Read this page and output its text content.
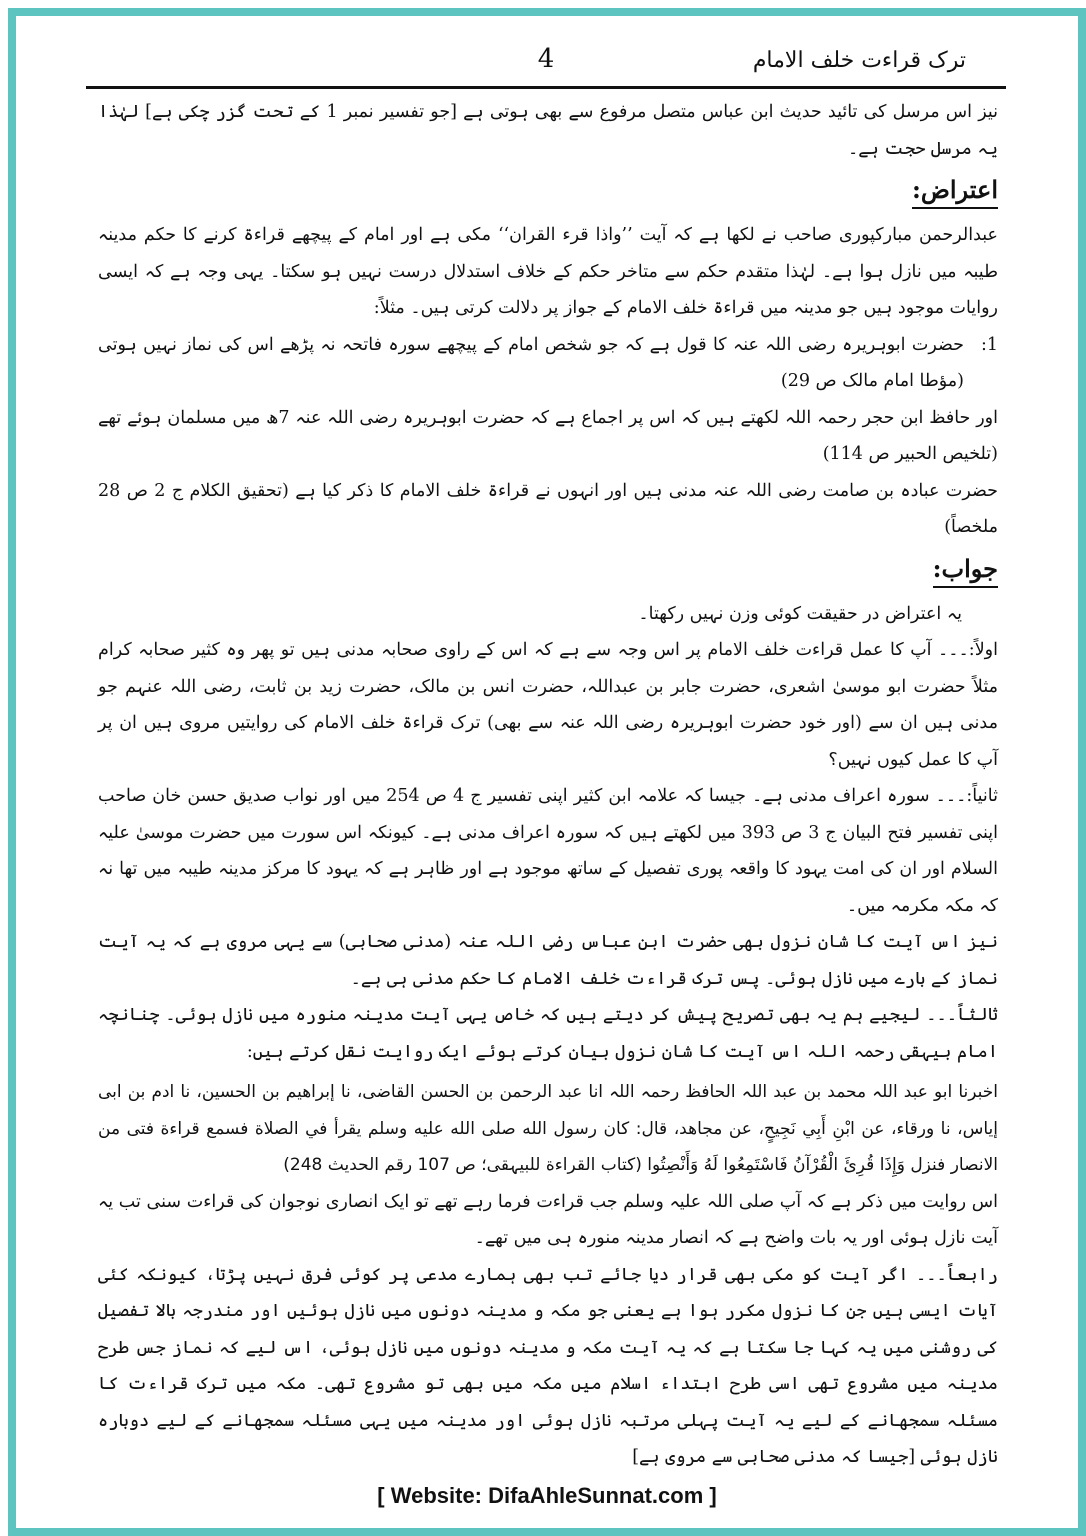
4	ترک قراءت خلف الامام

نیز اس مرسل کی تائید حدیث ابن عباس متصل مرفوع سے بھی ہوتی ہے [جو تفسیر نمبر 1 کے تحت گزر چکی ہے] لہٰذا یہ مرسل حجت ہے۔

اعتراض:

عبدالرحمن مبارکپوری صاحب نے لکھا ہے کہ آیت ’’واذا قرء القران‘‘ مکی ہے اور امام کے پیچھے قراءۃ کرنے کا حکم مدینہ طیبہ میں نازل ہوا ہے۔ لہٰذا متقدم حکم سے متاخر حکم کے خلاف استدلال درست نہیں ہو سکتا۔ یہی وجہ ہے کہ ایسی روایات موجود ہیں جو مدینہ میں قراءۃ خلف الامام کے جواز پر دلالت کرتی ہیں۔ مثلاً:

1:
حضرت ابوہریرہ رضی اللہ عنہ کا قول ہے کہ جو شخص امام کے پیچھے سورہ فاتحہ نہ پڑھے اس کی نماز نہیں ہوتی (مؤطا امام مالک ص 29)
اور حافظ ابن حجر رحمہ اللہ لکھتے ہیں کہ اس پر اجماع ہے کہ حضرت ابوہریرہ رضی اللہ عنہ 7ھ میں مسلمان ہوئے تھے (تلخیص الحبیر ص 114)
حضرت عبادہ بن صامت رضی اللہ عنہ مدنی ہیں اور انہوں نے قراءۃ خلف الامام کا ذکر کیا ہے (تحقیق الکلام ج 2 ص 28 ملخصاً)
جواب:

یہ اعتراض در حقیقت کوئی وزن نہیں رکھتا۔

اولاً:۔۔۔ آپ کا عمل قراءت خلف الامام پر اس وجہ سے ہے کہ اس کے راوی صحابہ مدنی ہیں تو پھر وہ کثیر صحابہ کرام مثلاً حضرت ابو موسیٰ اشعری، حضرت جابر بن عبداللہ، حضرت انس بن مالک، حضرت زید بن ثابت، رضی اللہ عنہم جو مدنی ہیں ان سے (اور خود حضرت ابوہریرہ رضی اللہ عنہ سے بھی) ترک قراءۃ خلف الامام کی روایتیں مروی ہیں ان پر آپ کا عمل کیوں نہیں؟

ثانیاً:۔۔۔ سورہ اعراف مدنی ہے۔ جیسا کہ علامہ ابن کثیر اپنی تفسیر ج 4 ص 254 میں اور نواب صدیق حسن خان صاحب اپنی تفسیر فتح البیان ج 3 ص 393 میں لکھتے ہیں کہ سورہ اعراف مدنی ہے۔ کیونکہ اس سورت میں حضرت موسیٰ علیہ السلام اور ان کی امت یہود کا واقعہ پوری تفصیل کے ساتھ موجود ہے اور ظاہر ہے کہ یہود کا مرکز مدینہ طیبہ میں تھا نہ کہ مکہ مکرمہ میں۔

نیز اس آیت کا شان نزول بھی حضرت ابن عباس رضی اللہ عنہ (مدنی صحابی) سے یہی مروی ہے کہ یہ آیت نماز کے بارے میں نازل ہوئی۔ پس ترک قراءت خلف الامام کا حکم مدنی ہی ہے۔

ثالثاً۔۔۔ لیجیے ہم یہ بھی تصریح پیش کر دیتے ہیں کہ خاص یہی آیت مدینہ منورہ میں نازل ہوئی۔ چنانچہ امام بیہقی رحمہ اللہ اس آیت کا شان نزول بیان کرتے ہوئے ایک روایت نقل کرتے ہیں:

اخبرنا ابو عبد اللہ محمد بن عبد اللہ الحافظ رحمہ اللہ انا عبد الرحمن بن الحسن القاضی، نا إبراهيم بن الحسين، نا ادم بن ابی إیاس، نا ورقاء، عن ابْنِ أَبِي نَجِيحٍ، عن مجاهد، قال: كان رسول الله صلى الله عليه وسلم يقرأ في الصلاة فسمع قراءة فتى من الانصار فنزل وَإِذَا قُرِئَ الْقُرْآنُ فَاسْتَمِعُوا لَهُ وَأَنْصِتُوا (کتاب القراءة للبیہقی؛ ص 107 رقم الحدیث 248)

اس روایت میں ذکر ہے کہ آپ صلی اللہ علیہ وسلم جب قراءت فرما رہے تھے تو ایک انصاری نوجوان کی قراءت سنی تب یہ آیت نازل ہوئی اور یہ بات واضح ہے کہ انصار مدینہ منورہ ہی میں تھے۔

رابعاً۔۔۔ اگر آیت کو مکی بھی قرار دیا جائے تب بھی ہمارے مدعی پر کوئی فرق نہیں پڑتا، کیونکہ کئی آیات ایسی ہیں جن کا نزول مکرر ہوا ہے یعنی جو مکہ و مدینہ دونوں میں نازل ہوئیں اور مندرجہ بالا تفصیل کی روشنی میں یہ کہا جا سکتا ہے کہ یہ آیت مکہ و مدینہ دونوں میں نازل ہوئی، اس لیے کہ نماز جس طرح مدینہ میں مشروع تھی اسی طرح ابتداء اسلام میں مکہ میں بھی تو مشروع تھی۔ مکہ میں ترک قراءت کا مسئلہ سمجھانے کے لیے یہ آیت پہلی مرتبہ نازل ہوئی اور مدینہ میں یہی مسئلہ سمجھانے کے لیے دوبارہ نازل ہوئی [جیسا کہ مدنی صحابی سے مروی ہے]

[ Website: DifaAhleSunnat.com ]
